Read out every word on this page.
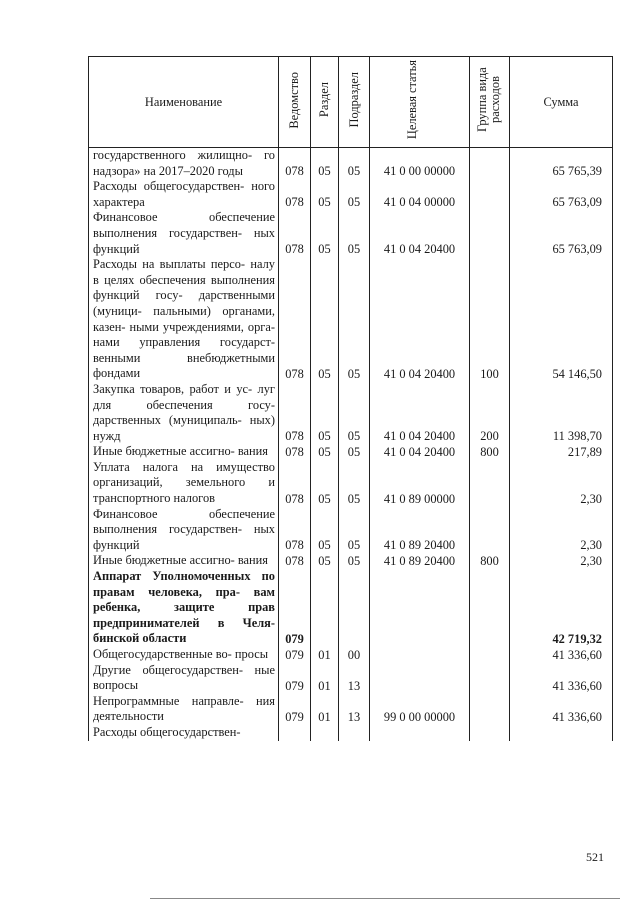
Наименование	Ведомство	Раздел	Подраздел	Целевая статья	Группа вида расходов	Сумма
государственного жилищно- го надзора» на 2017–2020 годы	078	05	05	41 0 00 00000		65 765,39
Расходы общегосударствен- ного характера	078	05	05	41 0 04 00000		65 763,09
Финансовое обеспечение выполнения государствен- ных функций	078	05	05	41 0 04 20400		65 763,09
Расходы на выплаты персо- налу в целях обеспечения выполнения функций госу- дарственными (муници- пальными) органами, казен- ными учреждениями, орга- нами управления государст- венными внебюджетными фондами	078	05	05	41 0 04 20400	100	54 146,50
Закупка товаров, работ и ус- луг для обеспечения госу- дарственных (муниципаль- ных) нужд	078	05	05	41 0 04 20400	200	11 398,70
Иные бюджетные ассигно- вания	078	05	05	41 0 04 20400	800	217,89
Уплата налога на имущество организаций, земельного и транспортного налогов	078	05	05	41 0 89 00000		2,30
Финансовое обеспечение выполнения государствен- ных функций	078	05	05	41 0 89 20400		2,30
Иные бюджетные ассигно- вания	078	05	05	41 0 89 20400	800	2,30
Аппарат Уполномоченных по правам человека, пра- вам ребенка, защите прав предпринимателей в Челя- бинской области	079					42 719,32
Общегосударственные во- просы	079	01	00			41 336,60
Другие общегосударствен- ные вопросы	079	01	13			41 336,60
Непрограммные направле- ния деятельности	079	01	13	99 0 00 00000		41 336,60
Расходы общегосударствен-						
521
